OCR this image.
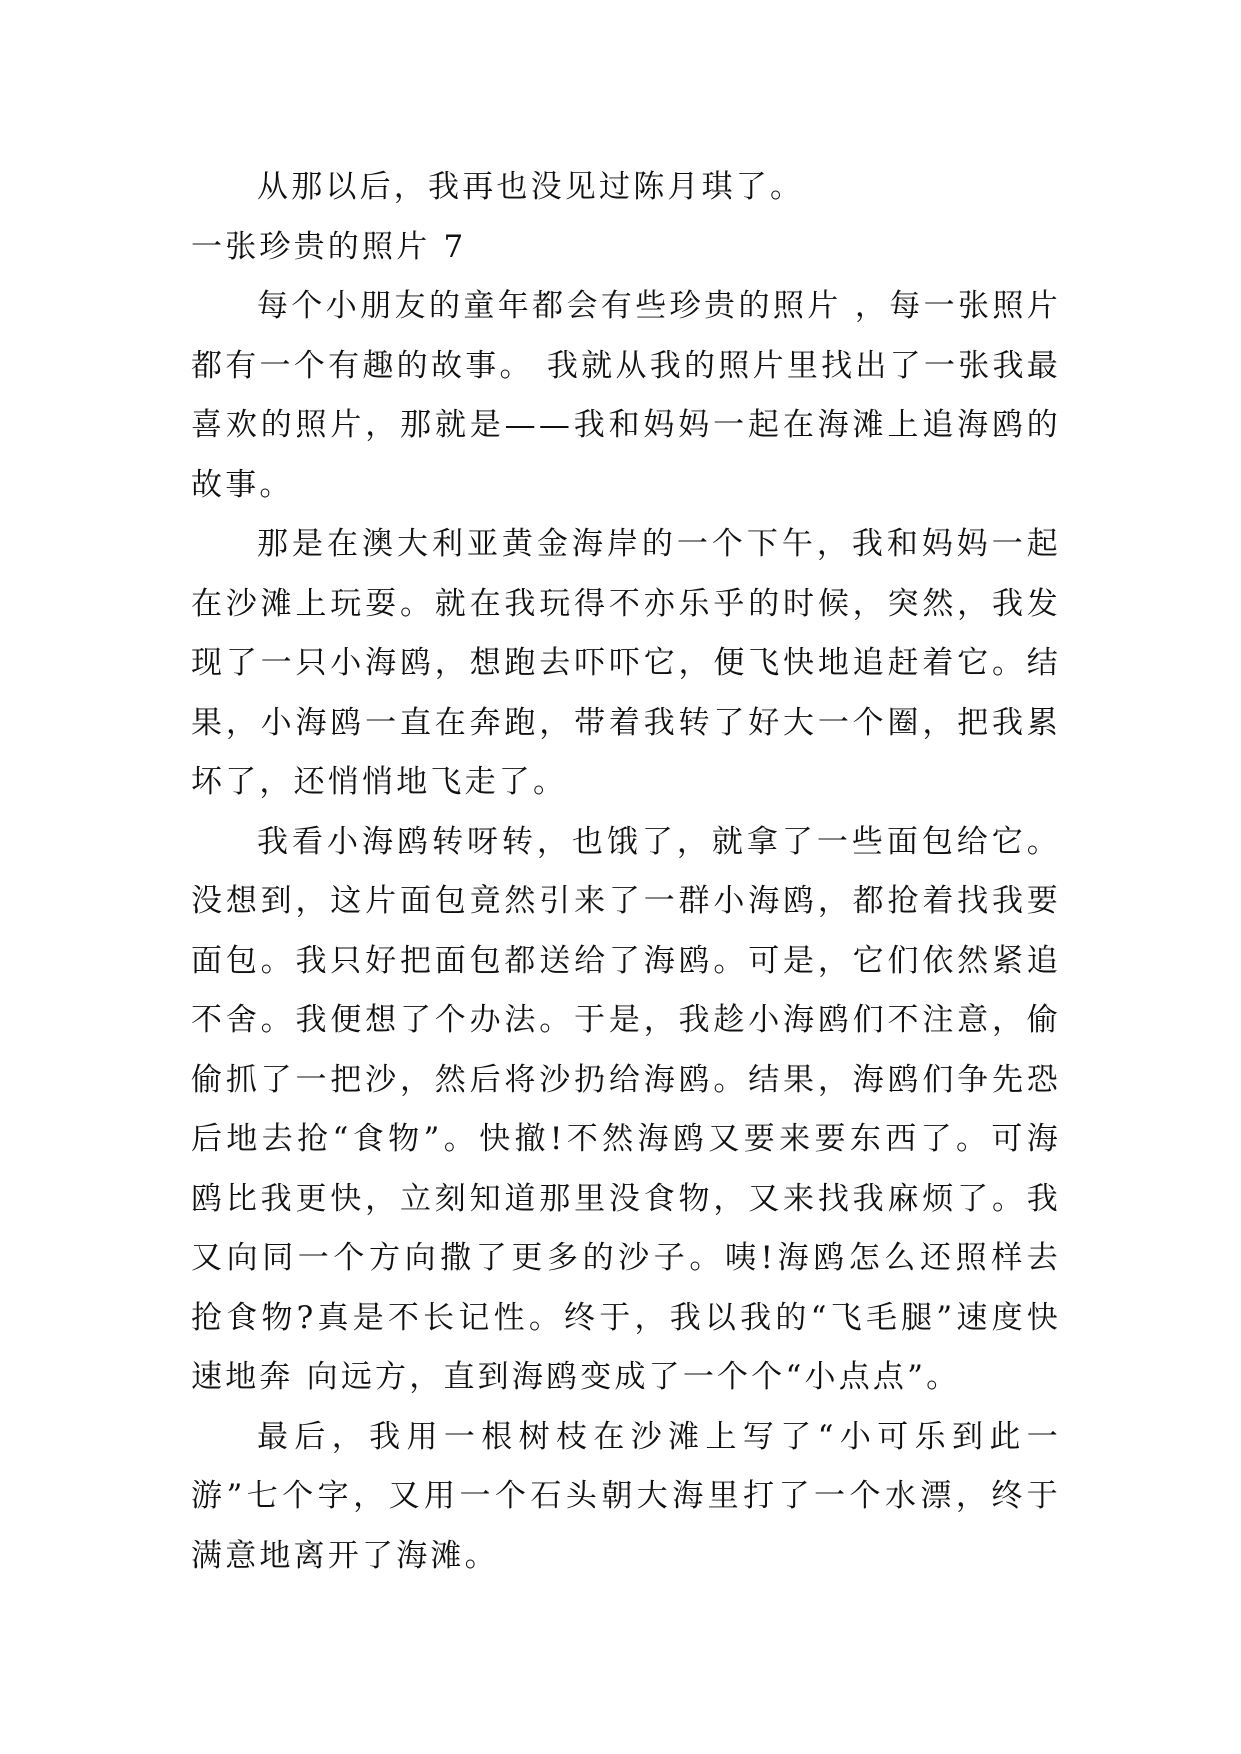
从那以后，我再也没见过陈月琪了。

一张珍贵的照片 7

每个小朋友的童年都会有些珍贵的照片 ，每一张照片都有一个有趣的故事。 我就从我的照片里找出了一张我最喜欢的照片，那就是——我和妈妈一起在海滩上追海鸥的故事。

那是在澳大利亚黄金海岸的一个下午，我和妈妈一起在沙滩上玩耍。就在我玩得不亦乐乎的时候，突然，我发现了一只小海鸥，想跑去吓吓它，便飞快地追赶着它。结果，小海鸥一直在奔跑，带着我转了好大一个圈，把我累坏了，还悄悄地飞走了。

我看小海鸥转呀转，也饿了，就拿了一些面包给它。没想到，这片面包竟然引来了一群小海鸥，都抢着找我要面包。我只好把面包都送给了海鸥。可是，它们依然紧追不舍。我便想了个办法。于是，我趁小海鸥们不注意，偷偷抓了一把沙，然后将沙扔给海鸥。结果，海鸥们争先恐后地去抢“食物”。快撤!不然海鸥又要来要东西了。可海鸥比我更快，立刻知道那里没食物，又来找我麻烦了。我又向同一个方向撒了更多的沙子。咦!海鸥怎么还照样去抢食物?真是不长记性。终于，我以我的“飞毛腿”速度快速地奔 向远方，直到海鸥变成了一个个“小点点”。

最后，我用一根树枝在沙滩上写了“小可乐到此一游”七个字，又用一个石头朝大海里打了一个水漂，终于满意地离开了海滩。
